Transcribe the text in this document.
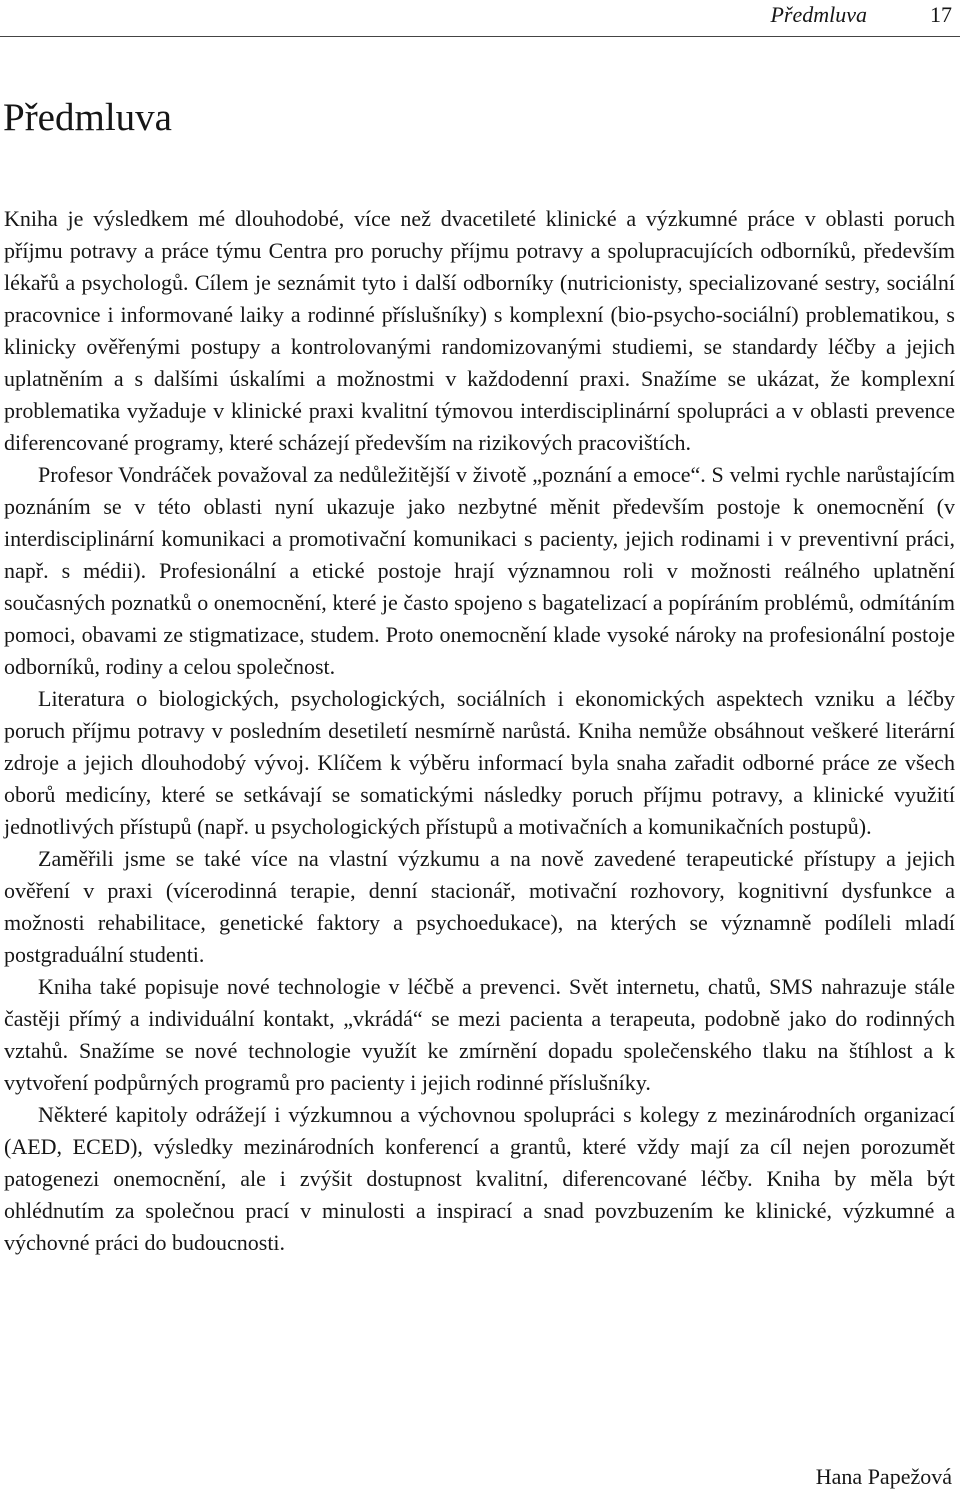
Předmluva	17
Předmluva

Kniha je výsledkem mé dlouhodobé, více než dvacetileté klinické a výzkumné práce v oblasti poruch příjmu potravy a práce týmu Centra pro poruchy příjmu potravy a spolupracujících odborníků, především lékařů a psychologů. Cílem je seznámit tyto i další odborníky (nutricionisty, specializované sestry, sociální pracovnice i informované laiky a rodinné příslušníky) s komplexní (bio-psycho-sociální) problematikou, s klinicky ověřenými postupy a kontrolovanými randomizovanými studiemi, se standardy léčby a jejich uplatněním a s dalšími úskalími a možnostmi v každodenní praxi. Snažíme se ukázat, že komplexní problematika vyžaduje v klinické praxi kvalitní týmovou interdisciplinární spolupráci a v oblasti prevence diferencované programy, které scházejí především na rizikových pracovištích.

Profesor Vondráček považoval za nedůležitější v životě „poznání a emoce“. S velmi rychle narůstajícím poznáním se v této oblasti nyní ukazuje jako nezbytné měnit především postoje k onemocnění (v interdisciplinární komunikaci a promotivační komunikaci s pacienty, jejich rodinami i v preventivní práci, např. s médii). Profesionální a etické postoje hrají významnou roli v možnosti reálného uplatnění současných poznatků o onemocnění, které je často spojeno s bagatelizací a popíráním problémů, odmítáním pomoci, obavami ze stigmatizace, studem. Proto onemocnění klade vysoké nároky na profesionální postoje odborníků, rodiny a celou společnost.

Literatura o biologických, psychologických, sociálních i ekonomických aspektech vzniku a léčby poruch příjmu potravy v posledním desetiletí nesmírně narůstá. Kniha nemůže obsáhnout veškeré literární zdroje a jejich dlouhodobý vývoj. Klíčem k výběru informací byla snaha zařadit odborné práce ze všech oborů medicíny, které se setkávají se somatickými následky poruch příjmu potravy, a klinické využití jednotlivých přístupů (např. u psychologických přístupů a motivačních a komunikačních postupů).

Zaměřili jsme se také více na vlastní výzkumu a na nově zavedené terapeutické přístupy a jejich ověření v praxi (vícerodinná terapie, denní stacionář, motivační rozhovory, kognitivní dysfunkce a možnosti rehabilitace, genetické faktory a psychoedukace), na kterých se významně podíleli mladí postgraduální studenti.

Kniha také popisuje nové technologie v léčbě a prevenci. Svět internetu, chatů, SMS nahrazuje stále častěji přímý a individuální kontakt, „vkrádá“ se mezi pacienta a terapeuta, podobně jako do rodinných vztahů. Snažíme se nové technologie využít ke zmírnění dopadu společenského tlaku na štíhlost a k vytvoření podpůrných programů pro pacienty i jejich rodinné příslušníky.

Některé kapitoly odrážejí i výzkumnou a výchovnou spolupráci s kolegy z mezinárodních organizací (AED, ECED), výsledky mezinárodních konferencí a grantů, které vždy mají za cíl nejen porozumět patogenezi onemocnění, ale i zvýšit dostupnost kvalitní, diferencované léčby. Kniha by měla být ohlédnutím za společnou prací v minulosti a inspirací a snad povzbuzením ke klinické, výzkumné a výchovné práci do budoucnosti.

Hana Papežová
